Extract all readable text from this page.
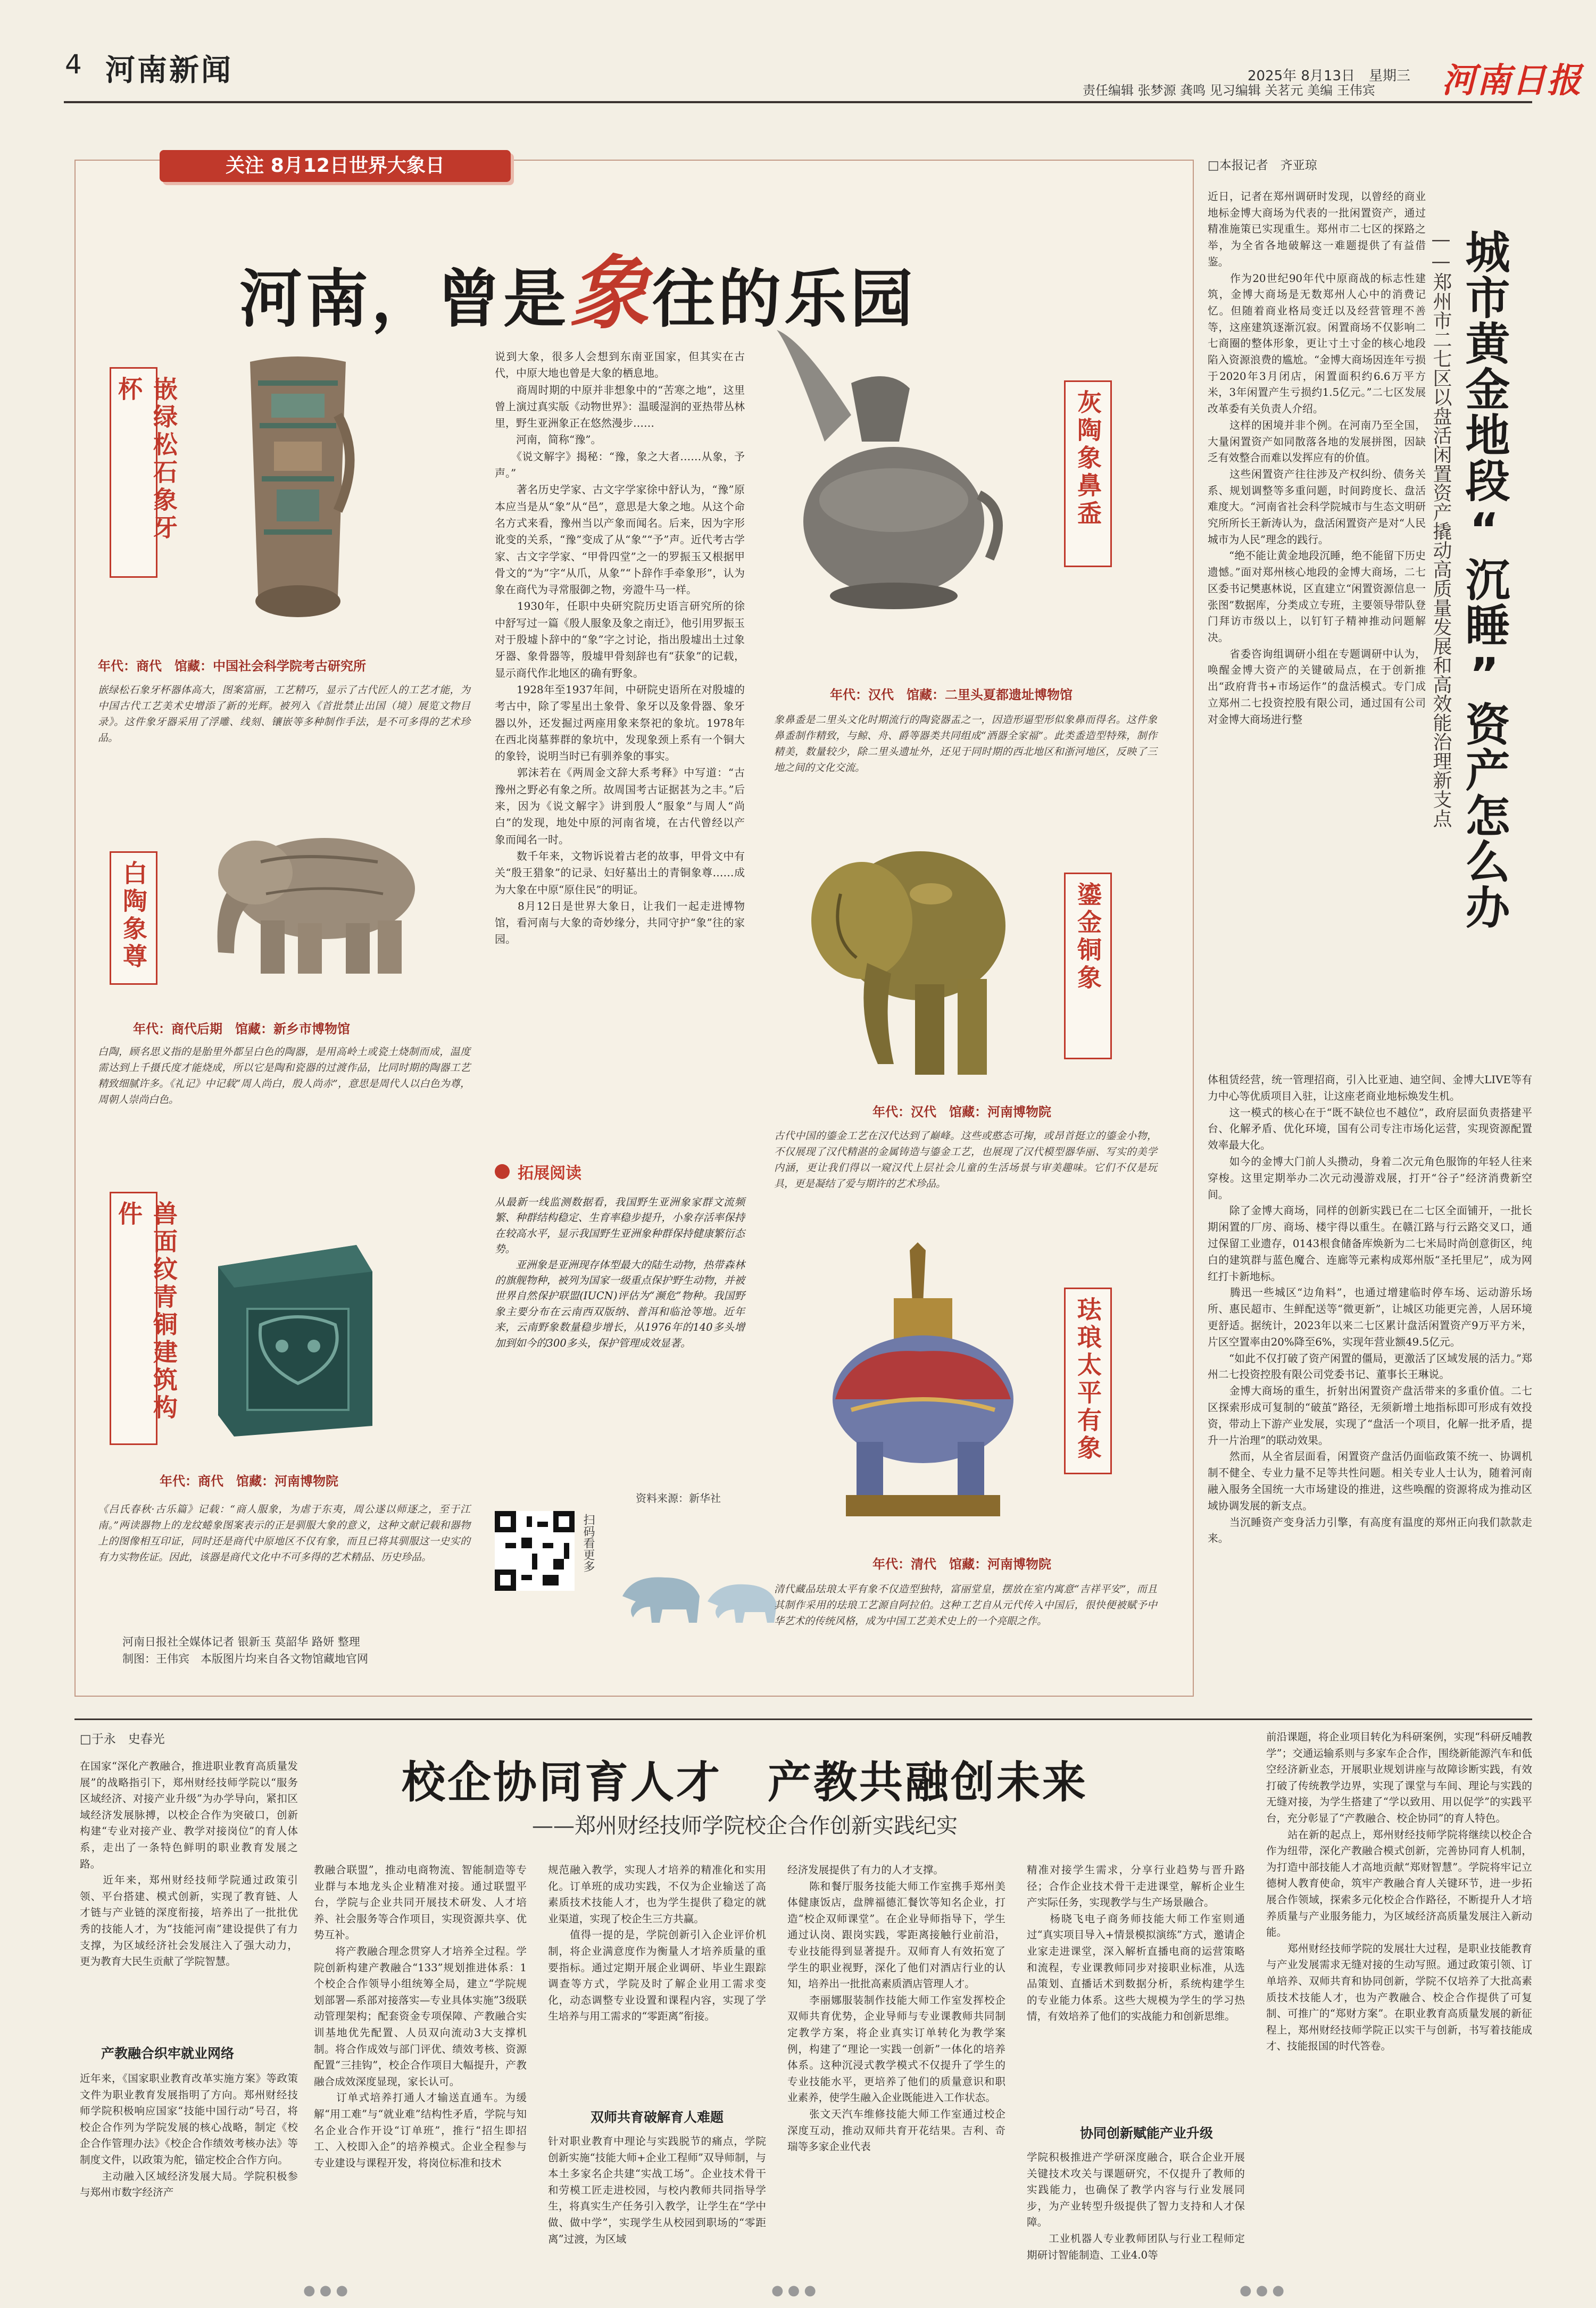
4 河南新闻	2025年 8月13日　星期三
责任编辑 张梦源 龚鸣 见习编辑 关茗元 美编 王伟宾 河南日报
关注 8月12日世界大象日
河南，曾是象往的乐园
嵌绿松石象牙杯
年代：商代　馆藏：中国社会科学院考古研究所
嵌绿松石象牙杯器体高大，图案富丽，工艺精巧，显示了古代匠人的工艺才能，为中国古代工艺美术史增添了新的光辉。被列入《首批禁止出国（境）展览文物目录》。这件象牙器采用了浮雕、线刻、镶嵌等多种制作手法，是不可多得的艺术珍品。
白陶象尊
年代：商代后期　馆藏：新乡市博物馆
白陶，顾名思义指的是胎里外都呈白色的陶器，是用高岭土或瓷土烧制而成，温度需达到上千摄氏度才能烧成，所以它是陶和瓷器的过渡作品，比同时期的陶器工艺精致细腻许多。《礼记》中记载“周人尚白，殷人尚赤”，意思是周代人以白色为尊，周朝人崇尚白色。
兽面纹青铜建筑构件
年代：商代　馆藏：河南博物院
《吕氏春秋·古乐篇》记载：“商人服象，为虐于东夷，周公遂以师逐之，至于江南。”两读器物上的龙纹蜷象图案表示的正是驯服大象的意义，这种文献记载和器物上的图像相互印证，同时还是商代中原地区不仅有象，而且已将其驯服这一史实的有力实物佐证。因此，该器是商代文化中不可多得的艺术精品、历史珍品。
河南日报社全媒体记者 银新玉 莫韶华 路妍 整理
制图：王伟宾　本版图片均来自各文物馆藏地官网
说到大象，很多人会想到东南亚国家，但其实在古代，中原大地也曾是大象的栖息地。
　　商周时期的中原并非想象中的“苦寒之地”，这里曾上演过真实版《动物世界》：温暖湿润的亚热带丛林里，野生亚洲象正在悠然漫步……
　　河南，简称“豫”。
　　《说文解字》揭秘：“豫，象之大者……从象，予声。”
　　著名历史学家、古文字学家徐中舒认为，“豫”原本应当是从“象”从“邑”，意思是大象之地。从这个命名方式来看，豫州当以产象而闻名。后来，因为字形讹变的关系，“豫”变成了从“象”“予”声。近代考古学家、古文字学家、“甲骨四堂”之一的罗振玉又根据甲骨文的“为”字“从爪，从象”“卜辞作手牵象形”，认为象在商代为寻常服御之物，旁證牛马一样。
　　1930年，任职中央研究院历史语言研究所的徐中舒写过一篇《殷人服象及象之南迁》，他引用罗振玉对于殷墟卜辞中的“象”字之讨论，指出殷墟出土过象牙器、象骨器等，殷墟甲骨刻辞也有“获象”的记载，显示商代作北地区的确有野象。
　　1928年至1937年间，中研院史语所在对殷墟的考古中，除了零星出土象骨、象牙以及象骨器、象牙器以外，还发掘过两座用象来祭祀的象坑。1978年在西北岗墓葬群的象坑中，发现象颈上系有一个铜大的象铃，说明当时已有驯养象的事实。
　　郭沫若在《两周金文辞大系考释》中写道：“古豫州之野必有象之所。故周国考古证据甚为之丰。”后来，因为《说文解字》讲到殷人“服象”与周人“尚白”的发现，地处中原的河南省境，在古代曾经以产象而闻名一时。
　　数千年来，文物诉说着古老的故事，甲骨文中有关“殷王猎象”的记录、妇好墓出土的青铜象尊……成为大象在中原“原住民”的明证。
　　8月12日是世界大象日，让我们一起走进博物馆，看河南与大象的奇妙缘分，共同守护“象”往的家园。
拓展阅读
从最新一线监测数据看，我国野生亚洲象家群文流频繁、种群结构稳定、生育率稳步提升，小象存活率保持在较高水平，显示我国野生亚洲象种群保持健康繁衍态势。
　　亚洲象是亚洲现存体型最大的陆生动物，热带森林的旗舰物种，被列为国家一级重点保护野生动物，并被世界自然保护联盟(IUCN)评估为“濒危”物种。我国野象主要分布在云南西双版纳、普洱和临沧等地。近年来，云南野象数量稳步增长，从1976年的140多头增加到如今的300多头，保护管理成效显著。
资料来源：新华社
扫码看更多
灰陶象鼻盉
年代：汉代　馆藏：二里头夏都遗址博物馆
象鼻盉是二里头文化时期流行的陶瓷器盂之一，因造形逼型形似象鼻而得名。这件象鼻盉制作精致，与鲸、舟、爵等器类共同组成“酒器全家福”。此类盉造型特殊，制作精美，数量较少，除二里头遗址外，还见于同时期的西北地区和浙河地区，反映了三地之间的文化交流。
鎏金铜象
年代：汉代　馆藏：河南博物院
古代中国的鎏金工艺在汉代达到了巅峰。这些或憨态可掬，或昂首挺立的鎏金小物，不仅展现了汉代精湛的金属铸造与鎏金工艺，也展现了汉代模型器华丽、写实的美学内涵，更让我们得以一窥汉代上层社会儿童的生活场景与审美趣味。它们不仅是玩具，更是凝结了爱与期许的艺术珍品。
珐琅太平有象
年代：清代　馆藏：河南博物院
清代藏品珐琅太平有象不仅造型独特，富丽堂皇，摆放在室内寓意“吉祥平安”，而且其制作采用的珐琅工艺源自阿拉伯。这种工艺自从元代传入中国后，很快便被赋予中华艺术的传统风格，成为中国工艺美术史上的一个亮眼之作。
□本报记者　齐亚琼
近日，记者在郑州调研时发现，以曾经的商业地标金博大商场为代表的一批闲置资产，通过精准施策已实现重生。郑州市二七区的探路之举，为全省各地破解这一难题提供了有益借鉴。
　　作为20世纪90年代中原商战的标志性建筑，金博大商场是无数郑州人心中的消费记忆。但随着商业格局变迁以及经营管理不善等，这座建筑逐渐沉寂。闲置商场不仅影响二七商圈的整体形象，更让寸土寸金的核心地段陷入资源浪费的尴尬。“金博大商场因连年亏损于2020年3月闭店，闲置面积约6.6万平方米，3年闲置产生亏损约1.5亿元。”二七区发展改革委有关负责人介绍。
　　这样的困境并非个例。在河南乃至全国，大量闲置资产如同散落各地的发展拼图，因缺乏有效整合而难以发挥应有的价值。
　　这些闲置资产往往涉及产权纠纷、债务关系、规划调整等多重问题，时间跨度长、盘活难度大。“河南省社会科学院城市与生态文明研究所所长王新涛认为，盘活闲置资产是对“人民城市为人民”理念的践行。
　　“绝不能让黄金地段沉睡，绝不能留下历史遗憾。”面对郑州核心地段的金博大商场，二七区委书记樊惠林说，区直建立“闲置资源信息一张图”数据库，分类成立专班，主要领导带队登门拜访市级以上，以钉钉子精神推动问题解决。
　　省委咨询组调研小组在专题调研中认为，唤醒金博大资产的关键破局点，在于创新推出“政府背书+市场运作”的盘活模式。专门成立郑州二七投资控股有限公司，通过国有公司对金博大商场进行整	城市黄金地段“沉睡”资产怎么办
——郑州市二七区以盘活闲置资产撬动高质量发展和高效能治理新支点
体租赁经营，统一管理招商，引入比亚迪、迪空间、金博大LIVE等有力中心等优质项目入驻，让这座老商业地标焕发生机。
　　这一模式的核心在于“既不缺位也不越位”，政府层面负责搭建平台、化解矛盾、优化环境，国有公司专注市场化运营，实现资源配置效率最大化。
　　如今的金博大门前人头攒动，身着二次元角色服饰的年轻人往来穿梭。这里定期举办二次元动漫游戏展，打开“谷子”经济消费新空间。
　　除了金博大商场，同样的创新实践已在二七区全面铺开，一批长期闲置的厂房、商场、楼宇得以重生。在赣江路与行云路交叉口，通过保留工业遗存，0143根食储备库焕新为二七米局时尚创意街区，纯白的建筑群与蓝色魔合、连廊等元素构成郑州版“圣托里尼”，成为网红打卡新地标。
　　腾迅一些城区“边角料”，也通过增建临时停车场、运动游乐场所、惠民超市、生鲜配送等“微更新”，让城区功能更完善，人居环境更舒适。据统计，2023年以来二七区累计盘活闲置资产9万平方米，片区空置率由20%降至6%，实现年营业额49.5亿元。
　　“如此不仅打破了资产闲置的僵局，更激活了区域发展的活力。”郑州二七投资控股有限公司党委书记、董事长王琳说。
　　金博大商场的重生，折射出闲置资产盘活带来的多重价值。二七区探索形成可复制的“破茧”路径，无须新增土地指标即可形成有效投资，带动上下游产业发展，实现了“盘活一个项目，化解一批矛盾，提升一片治理”的联动效果。
　　然而，从全省层面看，闲置资产盘活仍面临政策不统一、协调机制不健全、专业力量不足等共性问题。相关专业人士认为，随着河南融入服务全国统一大市场建设的推进，这些唤醒的资源将成为推动区域协调发展的新支点。
　　当沉睡资产变身活力引擎，有高度有温度的郑州正向我们款款走来。
□于永　史春光
校企协同育人才　产教共融创未来
——郑州财经技师学院校企合作创新实践纪实
在国家“深化产教融合，推进职业教育高质量发展”的战略指引下，郑州财经技师学院以“服务区域经济、对接产业升级”为办学导向，紧扣区域经济发展脉搏，以校企合作为突破口，创新构建“专业对接产业、教学对接岗位”的育人体系，走出了一条特色鲜明的职业教育发展之路。
　　近年来，郑州财经技师学院通过政策引领、平台搭建、模式创新，实现了教育链、人才链与产业链的深度衔接，培养出了一批批优秀的技能人才，为“技能河南”建设提供了有力支撑，为区域经济社会发展注入了强大动力，更为教育大民生贡献了学院智慧。
产教融合织牢就业网络
近年来，《国家职业教育改革实施方案》等政策文件为职业教育发展指明了方向。郑州财经技师学院积极响应国家“技能中国行动”号召，将校企合作列为学院发展的核心战略，制定《校企合作管理办法》《校企合作绩效考核办法》等制度文件，以政策为舵，锚定校企合作方向。
　　主动融入区域经济发展大局。学院积极参与郑州市数字经济产
教融合联盟”，推动电商物流、智能制造等专业群与本地龙头企业精准对接。通过联盟平台，学院与企业共同开展技术研发、人才培养、社会服务等合作项目，实现资源共享、优势互补。
　　将产教融合理念贯穿人才培养全过程。学院创新构建产教融合“133”规划推进体系：1个校企合作领导小组统筹全局，建立“学院规划部署—系部对接落实—专业具体实施”3级联动管理架构；配套资金专项保障、产教融合实训基地优先配置、人员双向流动3大支撑机制。将合作成效与部门评优、绩效考核、资源配置“三挂钩”，校企合作项目大幅提升，产教融合成效深度显现，家长认可。
　　订单式培养打通人才输送直通车。为缓解“用工难”与“就业难”结构性矛盾，学院与知名企业合作开设“订单班”，推行“招生即招工、入校即入企”的培养模式。企业全程参与专业建设与课程开发，将岗位标准和技术
规范融入教学，实现人才培养的精准化和实用化。订单班的成功实践，不仅为企业输送了高素质技术技能人才，也为学生提供了稳定的就业渠道，实现了校企生三方共赢。
　　值得一提的是，学院创新引入企业评价机制，将企业满意度作为衡量人才培养质量的重要指标。通过定期开展企业调研、毕业生跟踪调查等方式，学院及时了解企业用工需求变化，动态调整专业设置和课程内容，实现了学生培养与用工需求的“零距离”衔接。
双师共育破解育人难题
针对职业教育中理论与实践脱节的痛点，学院创新实施“技能大师+企业工程师”双导师制，与本土多家名企共建“实战工场”。企业技术骨干和劳模工匠走进校园，与校内教师共同指导学生，将真实生产任务引入教学，让学生在“学中做、做中学”，实现学生从校园到职场的“零距离”过渡，为区域
经济发展提供了有力的人才支撑。
　　陈和餐厅服务技能大师工作室携手郑州美体健康饭店，盘牌福德汇餐饮等知名企业，打造“校企双师课堂”。在企业导师指导下，学生通过认岗、跟岗实践，零距离接触行业前沿，专业技能得到显著提升。双师育人有效拓宽了学生的职业视野，深化了他们对酒店行业的认知，培养出一批批高素质酒店管理人才。
　　李丽娜服装制作技能大师工作室发挥校企双师共育优势，企业导师与专业课教师共同制定教学方案，将企业真实订单转化为教学案例，构建了“理论一实践一创新”一体化的培养体系。这种沉浸式教学模式不仅提升了学生的专业技能水平，更培养了他们的质量意识和职业素养，使学生融入企业既能进入工作状态。
　　张文天汽车维修技能大师工作室通过校企深度互动，推动双师共育开花结果。吉利、奇瑞等多家企业代表
精准对接学生需求，分享行业趋势与晋升路径；合作企业技术骨干走进课堂，解析企业生产实际任务，实现教学与生产场景融合。
　　杨晓飞电子商务师技能大师工作室则通过“真实项目导入+情景模拟演练”方式，邀请企业家走进课堂，深入解析直播电商的运营策略和流程，专业课教师同步对接职业标准，从选品策划、直播话术到数据分析，系统构建学生的专业能力体系。这些大规模为学生的学习热情，有效培养了他们的实战能力和创新思维。
协同创新赋能产业升级
学院积极推进产学研深度融合，联合企业开展关键技术攻关与课题研究，不仅提升了教师的实践能力，也确保了教学内容与行业发展同步，为产业转型升级提供了智力支持和人才保障。
　　工业机器人专业教师团队与行业工程师定期研讨智能制造、工业4.0等
前沿课题，将企业项目转化为科研案例，实现“科研反哺教学”；交通运输系则与多家车企合作，围绕新能源汽车和低空经济新业态，开展职业规划讲座与故障诊断实践，有效打破了传统教学边界，实现了课堂与车间、理论与实践的无缝对接，为学生搭建了“学以致用、用以促学”的实践平台，充分彰显了“产教融合、校企协同”的育人特色。
　　站在新的起点上，郑州财经技师学院将继续以校企合作为纽带，深化产教融合模式创新，完善协同育人机制，为打造中部技能人才高地贡献“郑财智慧”。学院将牢记立德树人教育使命，筑牢产教融合育人关键环节，进一步拓展合作领域，探索多元化校企合作路径，不断提升人才培养质量与产业服务能力，为区域经济高质量发展注入新动能。
　　郑州财经技师学院的发展壮大过程，是职业技能教育与产业发展需求无缝对接的生动写照。通过政策引领、订单培养、双师共育和协同创新，学院不仅培养了大批高素质技术技能人才，也为产教融合、校企合作提供了可复制、可推广的“郑财方案”。在职业教育高质量发展的新征程上，郑州财经技师学院正以实干与创新，书写着技能成才、技能报国的时代答卷。
●●●	●●●	●●●
